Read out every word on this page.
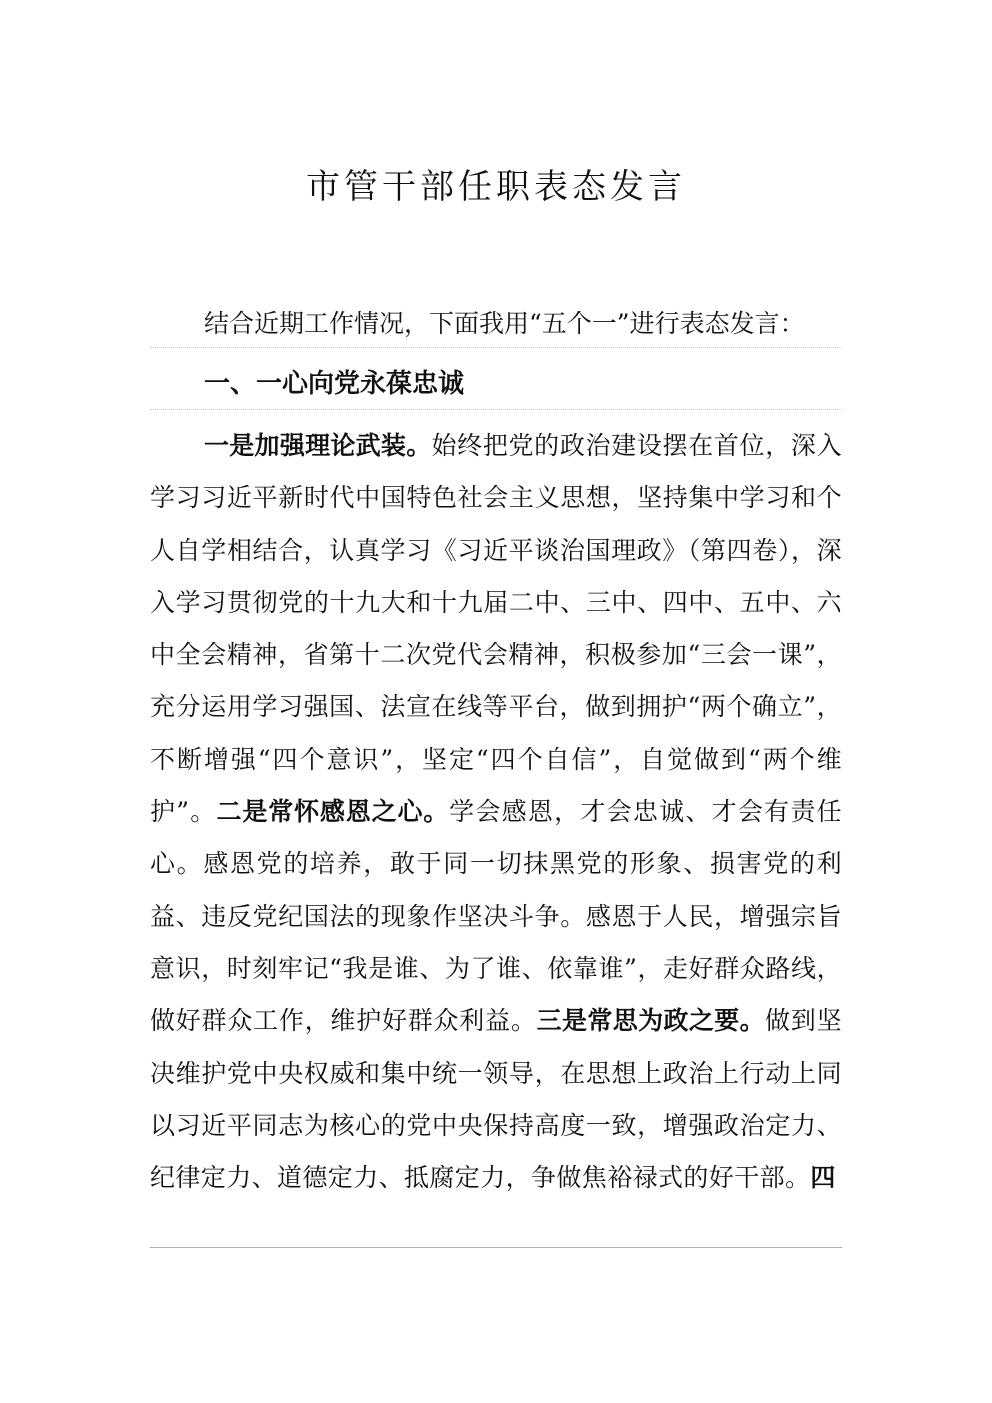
市管干部任职表态发言

结合近期工作情况，下面我用“五个一”进行表态发言：

一、一心向党永葆忠诚

一是加强理论武装。始终把党的政治建设摆在首位，深入学习习近平新时代中国特色社会主义思想，坚持集中学习和个人自学相结合，认真学习《习近平谈治国理政》（第四卷），深入学习贯彻党的十九大和十九届二中、三中、四中、五中、六中全会精神，省第十二次党代会精神，积极参加“三会一课”，充分运用学习强国、法宣在线等平台，做到拥护“两个确立”，不断增强“四个意识”，坚定“四个自信”，自觉做到“两个维护”。二是常怀感恩之心。学会感恩，才会忠诚、才会有责任心。感恩党的培养，敢于同一切抹黑党的形象、损害党的利益、违反党纪国法的现象作坚决斗争。感恩于人民，增强宗旨意识，时刻牢记“我是谁、为了谁、依靠谁”，走好群众路线，做好群众工作，维护好群众利益。三是常思为政之要。做到坚决维护党中央权威和集中统一领导，在思想上政治上行动上同以习近平同志为核心的党中央保持高度一致，增强政治定力、纪律定力、道德定力、抵腐定力，争做焦裕禄式的好干部。四
